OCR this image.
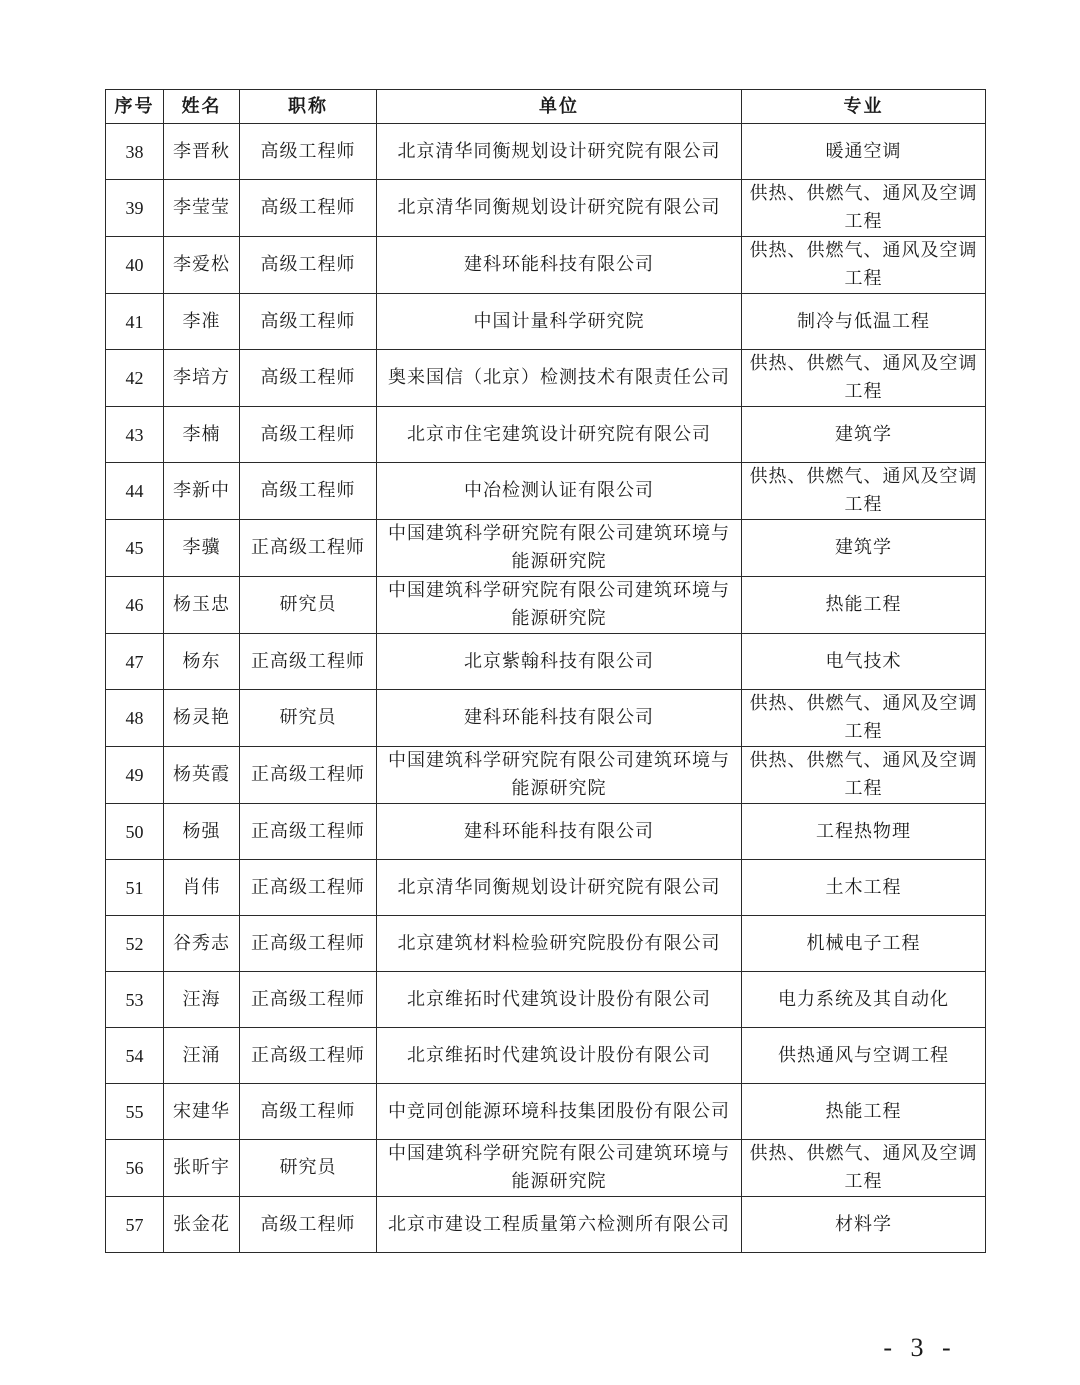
序号	姓名	职称	单位	专业
38	李晋秋	高级工程师	北京清华同衡规划设计研究院有限公司	暖通空调
39	李莹莹	高级工程师	北京清华同衡规划设计研究院有限公司	供热、供燃气、通风及空调工程
40	李爱松	高级工程师	建科环能科技有限公司	供热、供燃气、通风及空调工程
41	李准	高级工程师	中国计量科学研究院	制冷与低温工程
42	李培方	高级工程师	奥来国信（北京）检测技术有限责任公司	供热、供燃气、通风及空调工程
43	李楠	高级工程师	北京市住宅建筑设计研究院有限公司	建筑学
44	李新中	高级工程师	中冶检测认证有限公司	供热、供燃气、通风及空调工程
45	李骥	正高级工程师	中国建筑科学研究院有限公司建筑环境与能源研究院	建筑学
46	杨玉忠	研究员	中国建筑科学研究院有限公司建筑环境与能源研究院	热能工程
47	杨东	正高级工程师	北京紫翰科技有限公司	电气技术
48	杨灵艳	研究员	建科环能科技有限公司	供热、供燃气、通风及空调工程
49	杨英霞	正高级工程师	中国建筑科学研究院有限公司建筑环境与能源研究院	供热、供燃气、通风及空调工程
50	杨强	正高级工程师	建科环能科技有限公司	工程热物理
51	肖伟	正高级工程师	北京清华同衡规划设计研究院有限公司	土木工程
52	谷秀志	正高级工程师	北京建筑材料检验研究院股份有限公司	机械电子工程
53	汪海	正高级工程师	北京维拓时代建筑设计股份有限公司	电力系统及其自动化
54	汪涌	正高级工程师	北京维拓时代建筑设计股份有限公司	供热通风与空调工程
55	宋建华	高级工程师	中竞同创能源环境科技集团股份有限公司	热能工程
56	张昕宇	研究员	中国建筑科学研究院有限公司建筑环境与能源研究院	供热、供燃气、通风及空调工程
57	张金花	高级工程师	北京市建设工程质量第六检测所有限公司	材料学
- 3 -
